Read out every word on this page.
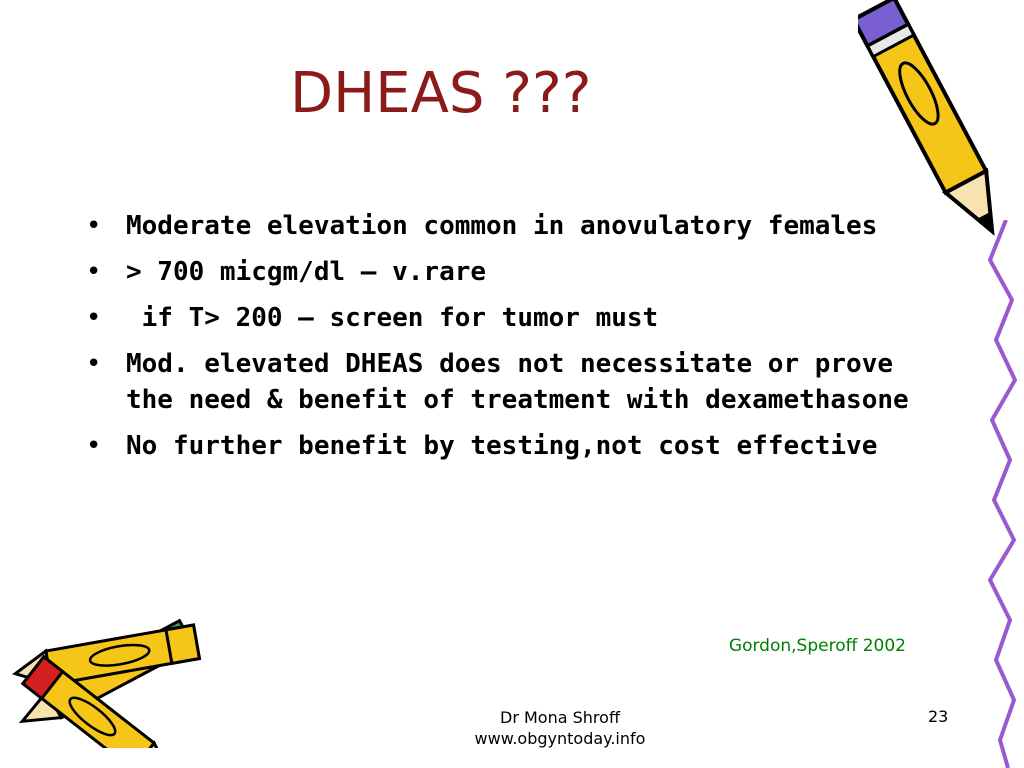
DHEAS ???
• Moderate elevation common in anovulatory females
• > 700 micgm/dl – v.rare
• if T> 200 – screen for tumor must
• Mod. elevated DHEAS does not necessitate or prove the need & benefit of treatment with dexamethasone
• No further benefit by testing,not cost effective
Gordon,Speroff 2002
Dr Mona Shroff
www.obgyntoday.info
23
